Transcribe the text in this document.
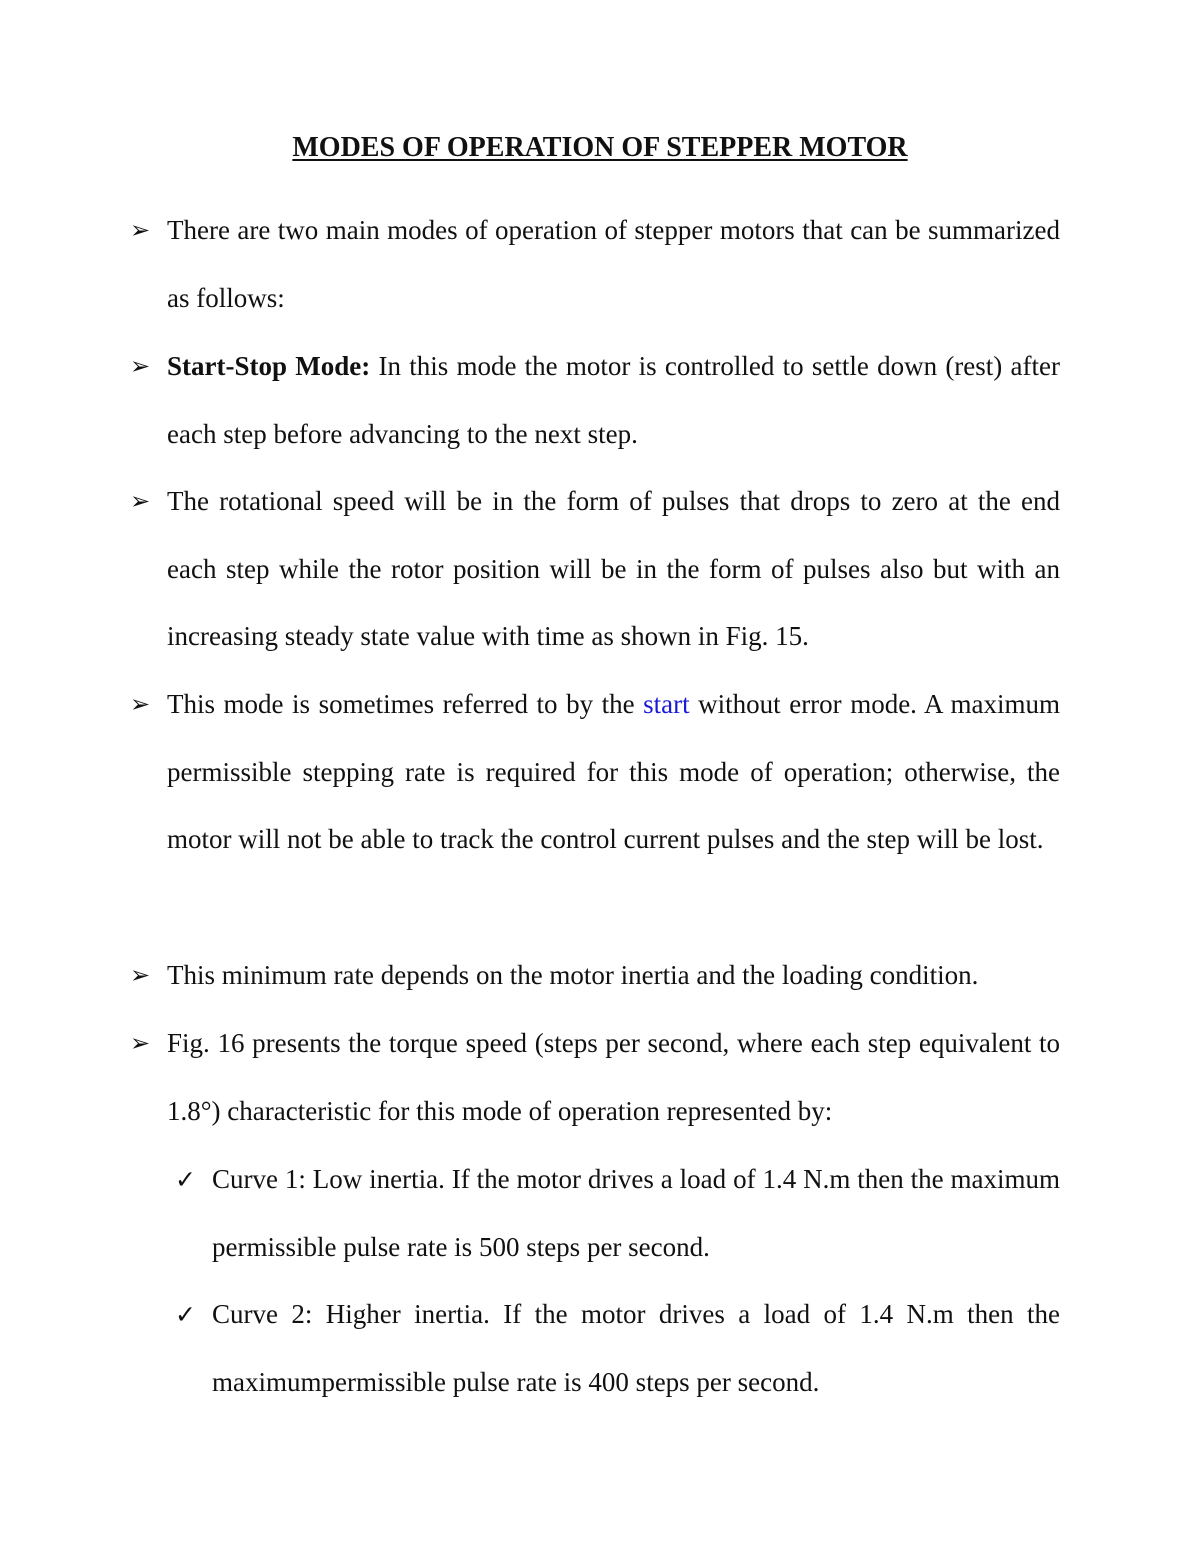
MODES OF OPERATION OF STEPPER MOTOR
➢ There are two main modes of operation of stepper motors that can be summarized as follows:
➢ Start-Stop Mode: In this mode the motor is controlled to settle down (rest) after each step before advancing to the next step.
➢ The rotational speed will be in the form of pulses that drops to zero at the end each step while the rotor position will be in the form of pulses also but with an increasing steady state value with time as shown in Fig. 15.
➢ This mode is sometimes referred to by the start without error mode. A maximum permissible stepping rate is required for this mode of operation; otherwise, the motor will not be able to track the control current pulses and the step will be lost.
➢ This minimum rate depends on the motor inertia and the loading condition.
➢ Fig. 16 presents the torque speed (steps per second, where each step equivalent to 1.8°) characteristic for this mode of operation represented by:
✓ Curve 1: Low inertia. If the motor drives a load of 1.4 N.m then the maximum permissible pulse rate is 500 steps per second.
✓ Curve 2: Higher inertia. If the motor drives a load of 1.4 N.m then the maximumpermissible pulse rate is 400 steps per second.
